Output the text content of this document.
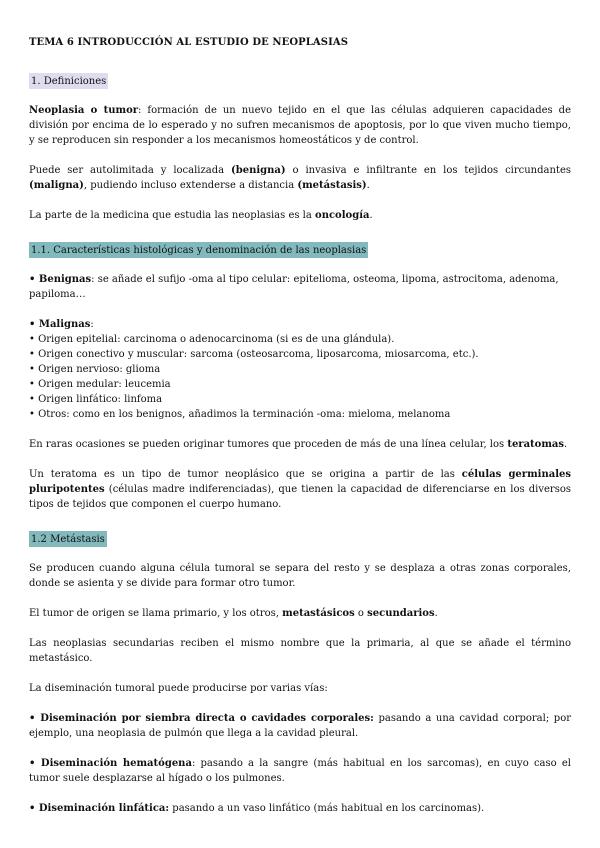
TEMA 6 INTRODUCCIÓN AL ESTUDIO DE NEOPLASIAS
1. Definiciones

Neoplasia o tumor: formación de un nuevo tejido en el que las células adquieren capacidades de división por encima de lo esperado y no sufren mecanismos de apoptosis, por lo que viven mucho tiempo, y se reproducen sin responder a los mecanismos homeostáticos y de control.

Puede ser autolimitada y localizada (benigna) o invasiva e infiltrante en los tejidos circundantes (maligna), pudiendo incluso extenderse a distancia (metástasis).

La parte de la medicina que estudia las neoplasias es la oncología.

1.1. Características histológicas y denominación de las neoplasias

• Benignas: se añade el sufijo -oma al tipo celular: epitelioma, osteoma, lipoma, astrocitoma, adenoma, papiloma…

• Malignas:
• Origen epitelial: carcinoma o adenocarcinoma (si es de una glándula).
• Origen conectivo y muscular: sarcoma (osteosarcoma, liposarcoma, miosarcoma, etc.).
• Origen nervioso: glioma
• Origen medular: leucemia
• Origen linfático: linfoma
• Otros: como en los benignos, añadimos la terminación -oma: mieloma, melanoma

En raras ocasiones se pueden originar tumores que proceden de más de una línea celular, los teratomas.

Un teratoma es un tipo de tumor neoplásico que se origina a partir de las células germinales pluripotentes (células madre indiferenciadas), que tienen la capacidad de diferenciarse en los diversos tipos de tejidos que componen el cuerpo humano.

1.2 Metástasis

Se producen cuando alguna célula tumoral se separa del resto y se desplaza a otras zonas corporales, donde se asienta y se divide para formar otro tumor.

El tumor de origen se llama primario, y los otros, metastásicos o secundarios.

Las neoplasias secundarias reciben el mismo nombre que la primaria, al que se añade el término metastásico.

La diseminación tumoral puede producirse por varias vías:

• Diseminación por siembra directa o cavidades corporales: pasando a una cavidad corporal; por ejemplo, una neoplasia de pulmón que llega a la cavidad pleural.

• Diseminación hematógena: pasando a la sangre (más habitual en los sarcomas), en cuyo caso el tumor suele desplazarse al hígado o los pulmones.

• Diseminación linfática: pasando a un vaso linfático (más habitual en los carcinomas).
